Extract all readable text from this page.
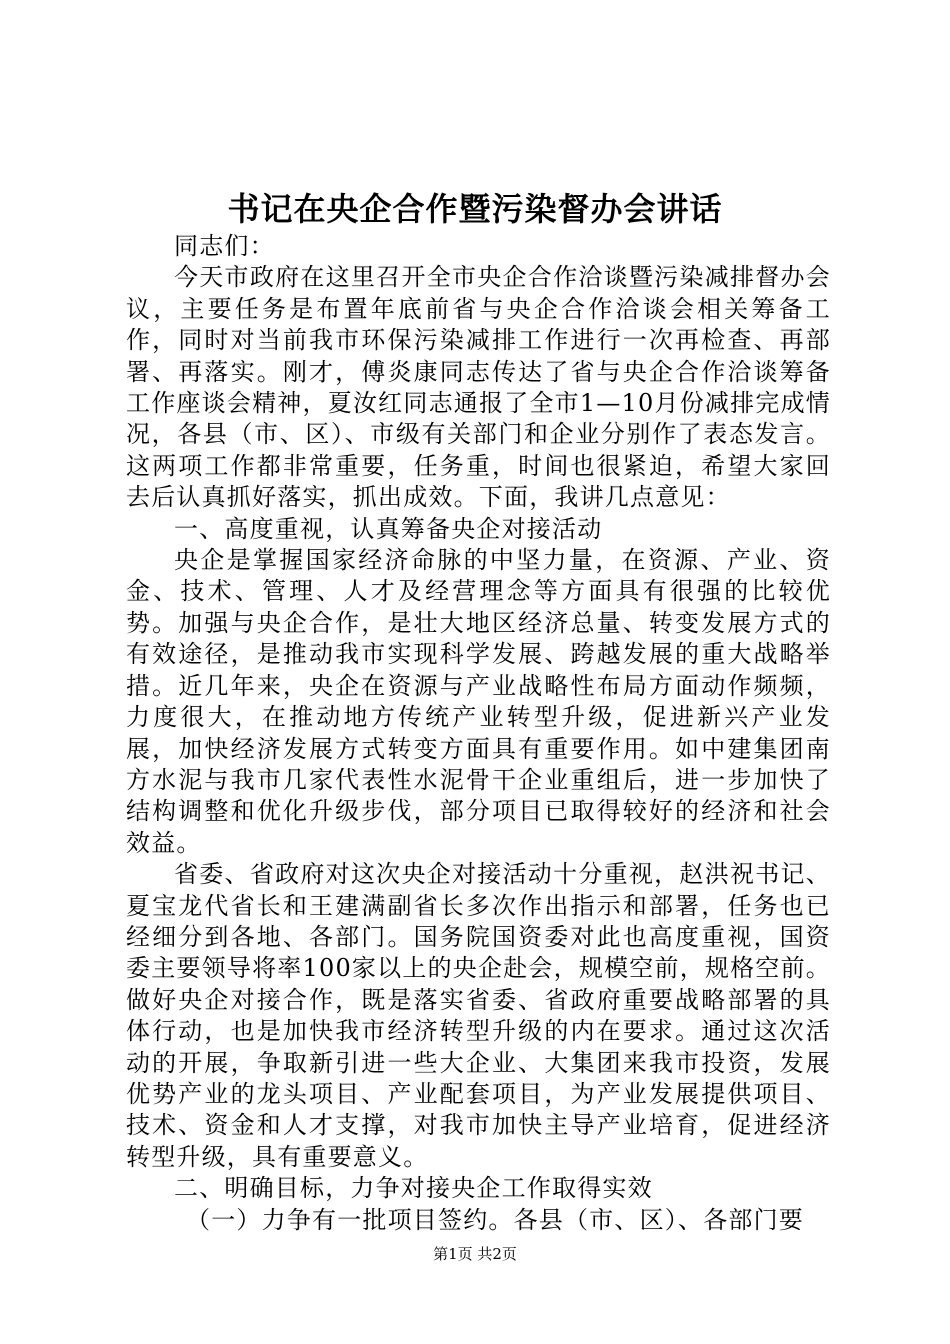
书记在央企合作暨污染督办会讲话

同志们：

今天市政府在这里召开全市央企合作洽谈暨污染减排督办会议，主要任务是布置年底前省与央企合作洽谈会相关筹备工作，同时对当前我市环保污染减排工作进行一次再检查、再部署、再落实。刚才，傅炎康同志传达了省与央企合作洽谈筹备工作座谈会精神，夏汝红同志通报了全市1—10月份减排完成情况，各县（市、区）、市级有关部门和企业分别作了表态发言。这两项工作都非常重要，任务重，时间也很紧迫，希望大家回去后认真抓好落实，抓出成效。下面，我讲几点意见：

一、高度重视，认真筹备央企对接活动

央企是掌握国家经济命脉的中坚力量，在资源、产业、资金、技术、管理、人才及经营理念等方面具有很强的比较优势。加强与央企合作，是壮大地区经济总量、转变发展方式的有效途径，是推动我市实现科学发展、跨越发展的重大战略举措。近几年来，央企在资源与产业战略性布局方面动作频频，力度很大，在推动地方传统产业转型升级，促进新兴产业发展，加快经济发展方式转变方面具有重要作用。如中建集团南方水泥与我市几家代表性水泥骨干企业重组后，进一步加快了结构调整和优化升级步伐，部分项目已取得较好的经济和社会效益。

省委、省政府对这次央企对接活动十分重视，赵洪祝书记、夏宝龙代省长和王建满副省长多次作出指示和部署，任务也已经细分到各地、各部门。国务院国资委对此也高度重视，国资委主要领导将率100家以上的央企赴会，规模空前，规格空前。做好央企对接合作，既是落实省委、省政府重要战略部署的具体行动，也是加快我市经济转型升级的内在要求。通过这次活动的开展，争取新引进一些大企业、大集团来我市投资，发展优势产业的龙头项目、产业配套项目，为产业发展提供项目、技术、资金和人才支撑，对我市加快主导产业培育，促进经济转型升级，具有重要意义。

二、明确目标，力争对接央企工作取得实效

（一）力争有一批项目签约。各县（市、区）、各部门要

第1页 共2页
